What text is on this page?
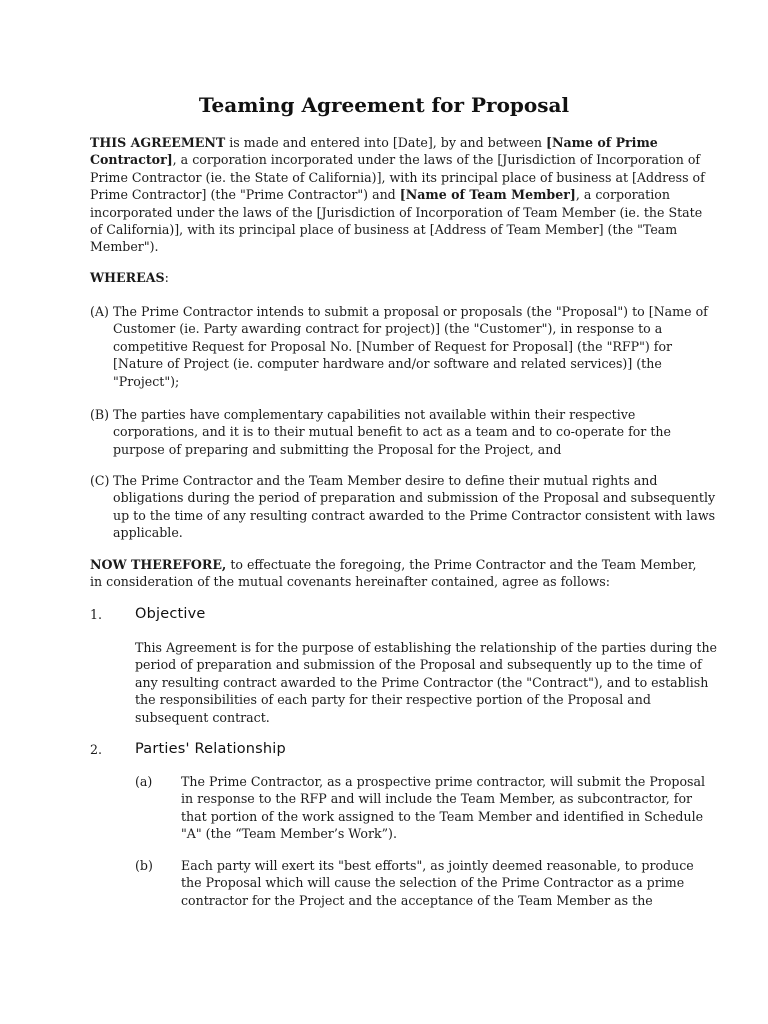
Teaming Agreement for Proposal
THIS AGREEMENT is made and entered into [Date], by and between [Name of Prime
Contractor], a corporation incorporated under the laws of the [Jurisdiction of Incorporation of
Prime Contractor (ie. the State of California)], with its principal place of business at [Address of
Prime Contractor] (the "Prime Contractor") and [Name of Team Member], a corporation
incorporated under the laws of the [Jurisdiction of Incorporation of Team Member (ie. the State
of California)], with its principal place of business at [Address of Team Member] (the "Team
Member").
WHEREAS:
(A) The Prime Contractor intends to submit a proposal or proposals (the "Proposal") to [Name of
Customer (ie. Party awarding contract for project)] (the "Customer"), in response to a
competitive Request for Proposal No. [Number of Request for Proposal] (the "RFP") for
[Nature of Project (ie. computer hardware and/or software and related services)] (the
"Project");
(B) The parties have complementary capabilities not available within their respective
corporations, and it is to their mutual benefit to act as a team and to co-operate for the
purpose of preparing and submitting the Proposal for the Project, and
(C) The Prime Contractor and the Team Member desire to define their mutual rights and
obligations during the period of preparation and submission of the Proposal and subsequently
up to the time of any resulting contract awarded to the Prime Contractor consistent with laws
applicable.
NOW THEREFORE, to effectuate the foregoing, the Prime Contractor and the Team Member,
in consideration of the mutual covenants hereinafter contained, agree as follows:
1. Objective
This Agreement is for the purpose of establishing the relationship of the parties during the
period of preparation and submission of the Proposal and subsequently up to the time of
any resulting contract awarded to the Prime Contractor (the "Contract"), and to establish
the responsibilities of each party for their respective portion of the Proposal and
subsequent contract.
2. Parties' Relationship
(a) The Prime Contractor, as a prospective prime contractor, will submit the Proposal
in response to the RFP and will include the Team Member, as subcontractor, for
that portion of the work assigned to the Team Member and identified in Schedule
"A" (the “Team Member’s Work”).
(b) Each party will exert its "best efforts", as jointly deemed reasonable, to produce
the Proposal which will cause the selection of the Prime Contractor as a prime
contractor for the Project and the acceptance of the Team Member as the
